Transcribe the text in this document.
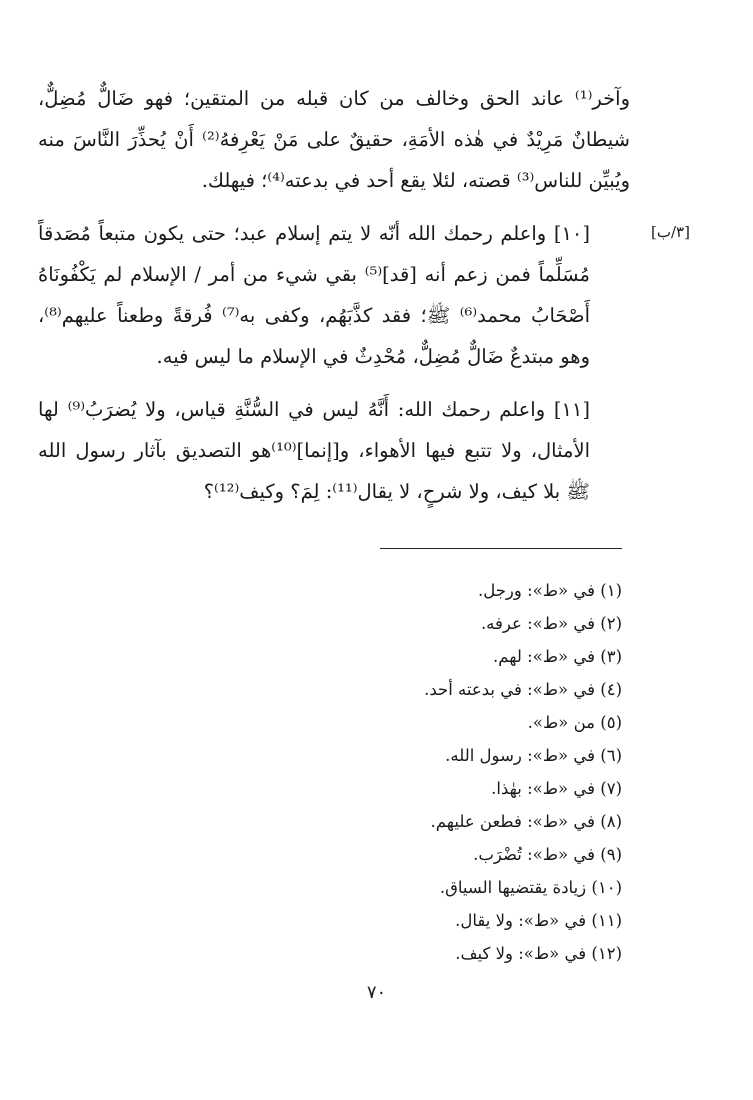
وآخر⁽¹⁾ عاند الحق وخالف من كان قبله من المتقين؛ فهو ضَالٌّ مُضِلٌّ، شيطانٌ مَرِيْدٌ في هٰذه الأمَةِ، حقيقٌ على مَنْ يَعْرِفهُ⁽²⁾ أَنْ يُحذِّرَ النَّاسَ منه ويُبيِّن للناس⁽³⁾ قصته، لئلا يقع أحد في بدعته⁽⁴⁾؛ فيهلك.

[١٠] واعلم رحمك الله أنّه لا يتم إسلام عبد؛ حتى يكون متبعاً مُصَدقاً مُسَلِّماً فمن زعم أنه [قد]⁽⁵⁾ بقي شيء من أمر / الإسلام لم يَكْفُونَاهُ أَصْحَابُ محمد⁽⁶⁾ ﷺ؛ فقد كذَّبَهُم، وكفى به⁽⁷⁾ فُرقةً وطعناً عليهم⁽⁸⁾، وهو مبتدعٌ ضَالٌّ مُضِلٌّ، مُحْدِثٌ في الإسلام ما ليس فيه.

[١١] واعلم رحمك الله: أَنَّهُ ليس في السُّنَّةِ قياس، ولا يُضرَبُ⁽⁹⁾ لها الأمثال، ولا تتبع فيها الأهواء، و[إنما]⁽¹⁰⁾هو التصديق بآثار رسول الله ﷺ بلا كيف، ولا شرحٍ، لا يقال⁽¹¹⁾: لِمَ؟ وكيف⁽¹²⁾؟

[٣/ب]
(١) في «ط»: ورجل.
(٢) في «ط»: عرفه.
(٣) في «ط»: لهم.
(٤) في «ط»: في بدعته أحد.
(٥) من «ط».
(٦) في «ط»: رسول الله.
(٧) في «ط»: بهٰذا.
(٨) في «ط»: فطعن عليهم.
(٩) في «ط»: تُضْرَب.
(١٠) زيادة يقتضيها السياق.
(١١) في «ط»: ولا يقال.
(١٢) في «ط»: ولا كيف.
٧٠
